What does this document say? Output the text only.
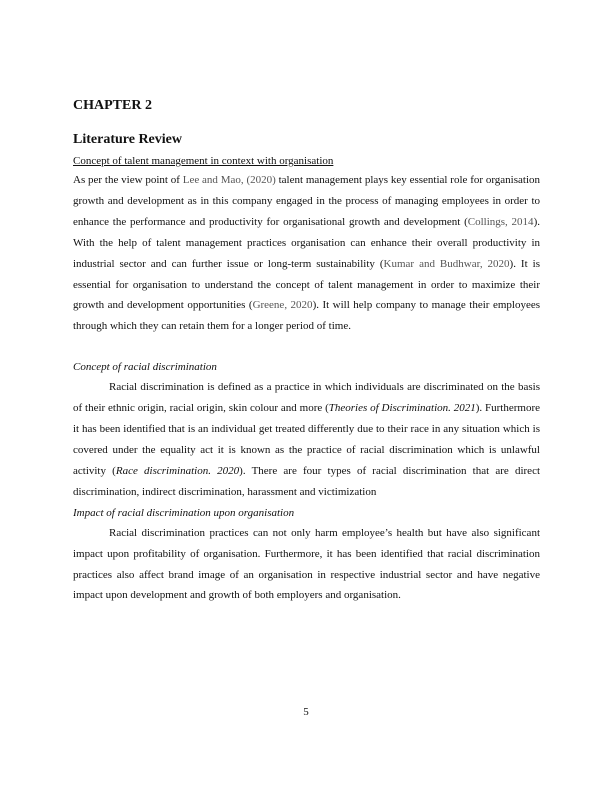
CHAPTER 2
Literature Review
Concept of talent management in context with organisation

As per the view point of Lee and Mao, (2020) talent management plays key essential role for organisation growth and development as in this company engaged in the process of managing employees in order to enhance the performance and productivity for organisational growth and development (Collings, 2014). With the help of talent management practices organisation can enhance their overall productivity in industrial sector and can further issue or long-term sustainability (Kumar and Budhwar, 2020). It is essential for organisation to understand the concept of talent management in order to maximize their growth and development opportunities (Greene, 2020). It will help company to manage their employees through which they can retain them for a longer period of time.

Concept of racial discrimination

Racial discrimination is defined as a practice in which individuals are discriminated on the basis of their ethnic origin, racial origin, skin colour and more (Theories of Discrimination. 2021). Furthermore it has been identified that is an individual get treated differently due to their race in any situation which is covered under the equality act it is known as the practice of racial discrimination which is unlawful activity (Race discrimination. 2020). There are four types of racial discrimination that are direct discrimination, indirect discrimination, harassment and victimization

Impact of racial discrimination upon organisation

Racial discrimination practices can not only harm employee’s health but have also significant impact upon profitability of organisation. Furthermore, it has been identified that racial discrimination practices also affect brand image of an organisation in respective industrial sector and have negative impact upon development and growth of both employers and organisation.

5
